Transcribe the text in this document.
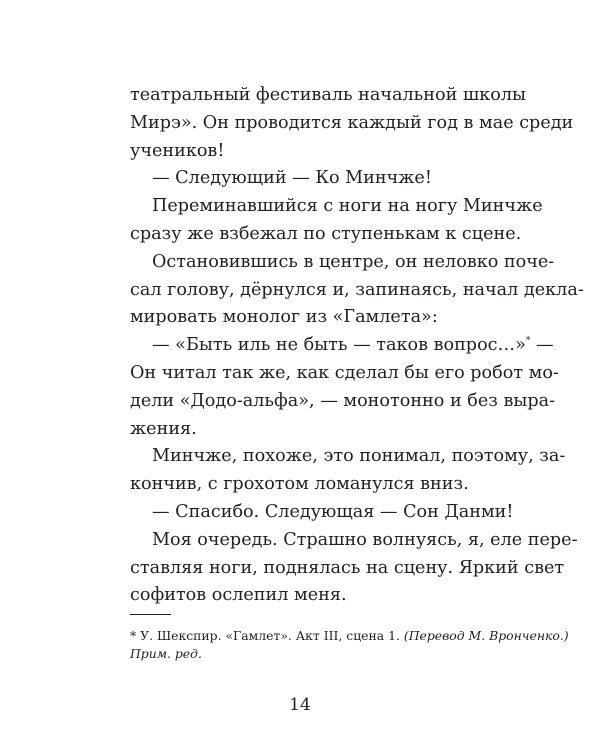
театральный фестиваль начальной школы
Мирэ». Он проводится каждый год в мае среди
учеников!

— Следующий — Ко Минчже!

Переминавшийся с ноги на ногу Минчже
сразу же взбежал по ступенькам к сцене.

Остановившись в центре, он неловко поче-
сал голову, дёрнулся и, запинаясь, начал декла-
мировать монолог из «Гамлета»:

— «Быть иль не быть — таков вопрос…»* —
Он читал так же, как сделал бы его робот мо-
дели «Додо-альфа», — монотонно и без выра-
жения.

Минчже, похоже, это понимал, поэтому, за-
кончив, с грохотом ломанулся вниз.

— Спасибо. Следующая — Сон Данми!

Моя очередь. Страшно волнуясь, я, еле пере-
ставляя ноги, поднялась на сцену. Яркий свет
софитов ослепил меня.

* У. Шекспир. «Гамлет». Акт III, сцена 1. (Перевод М. Вронченко.)
Прим. ред.
14
